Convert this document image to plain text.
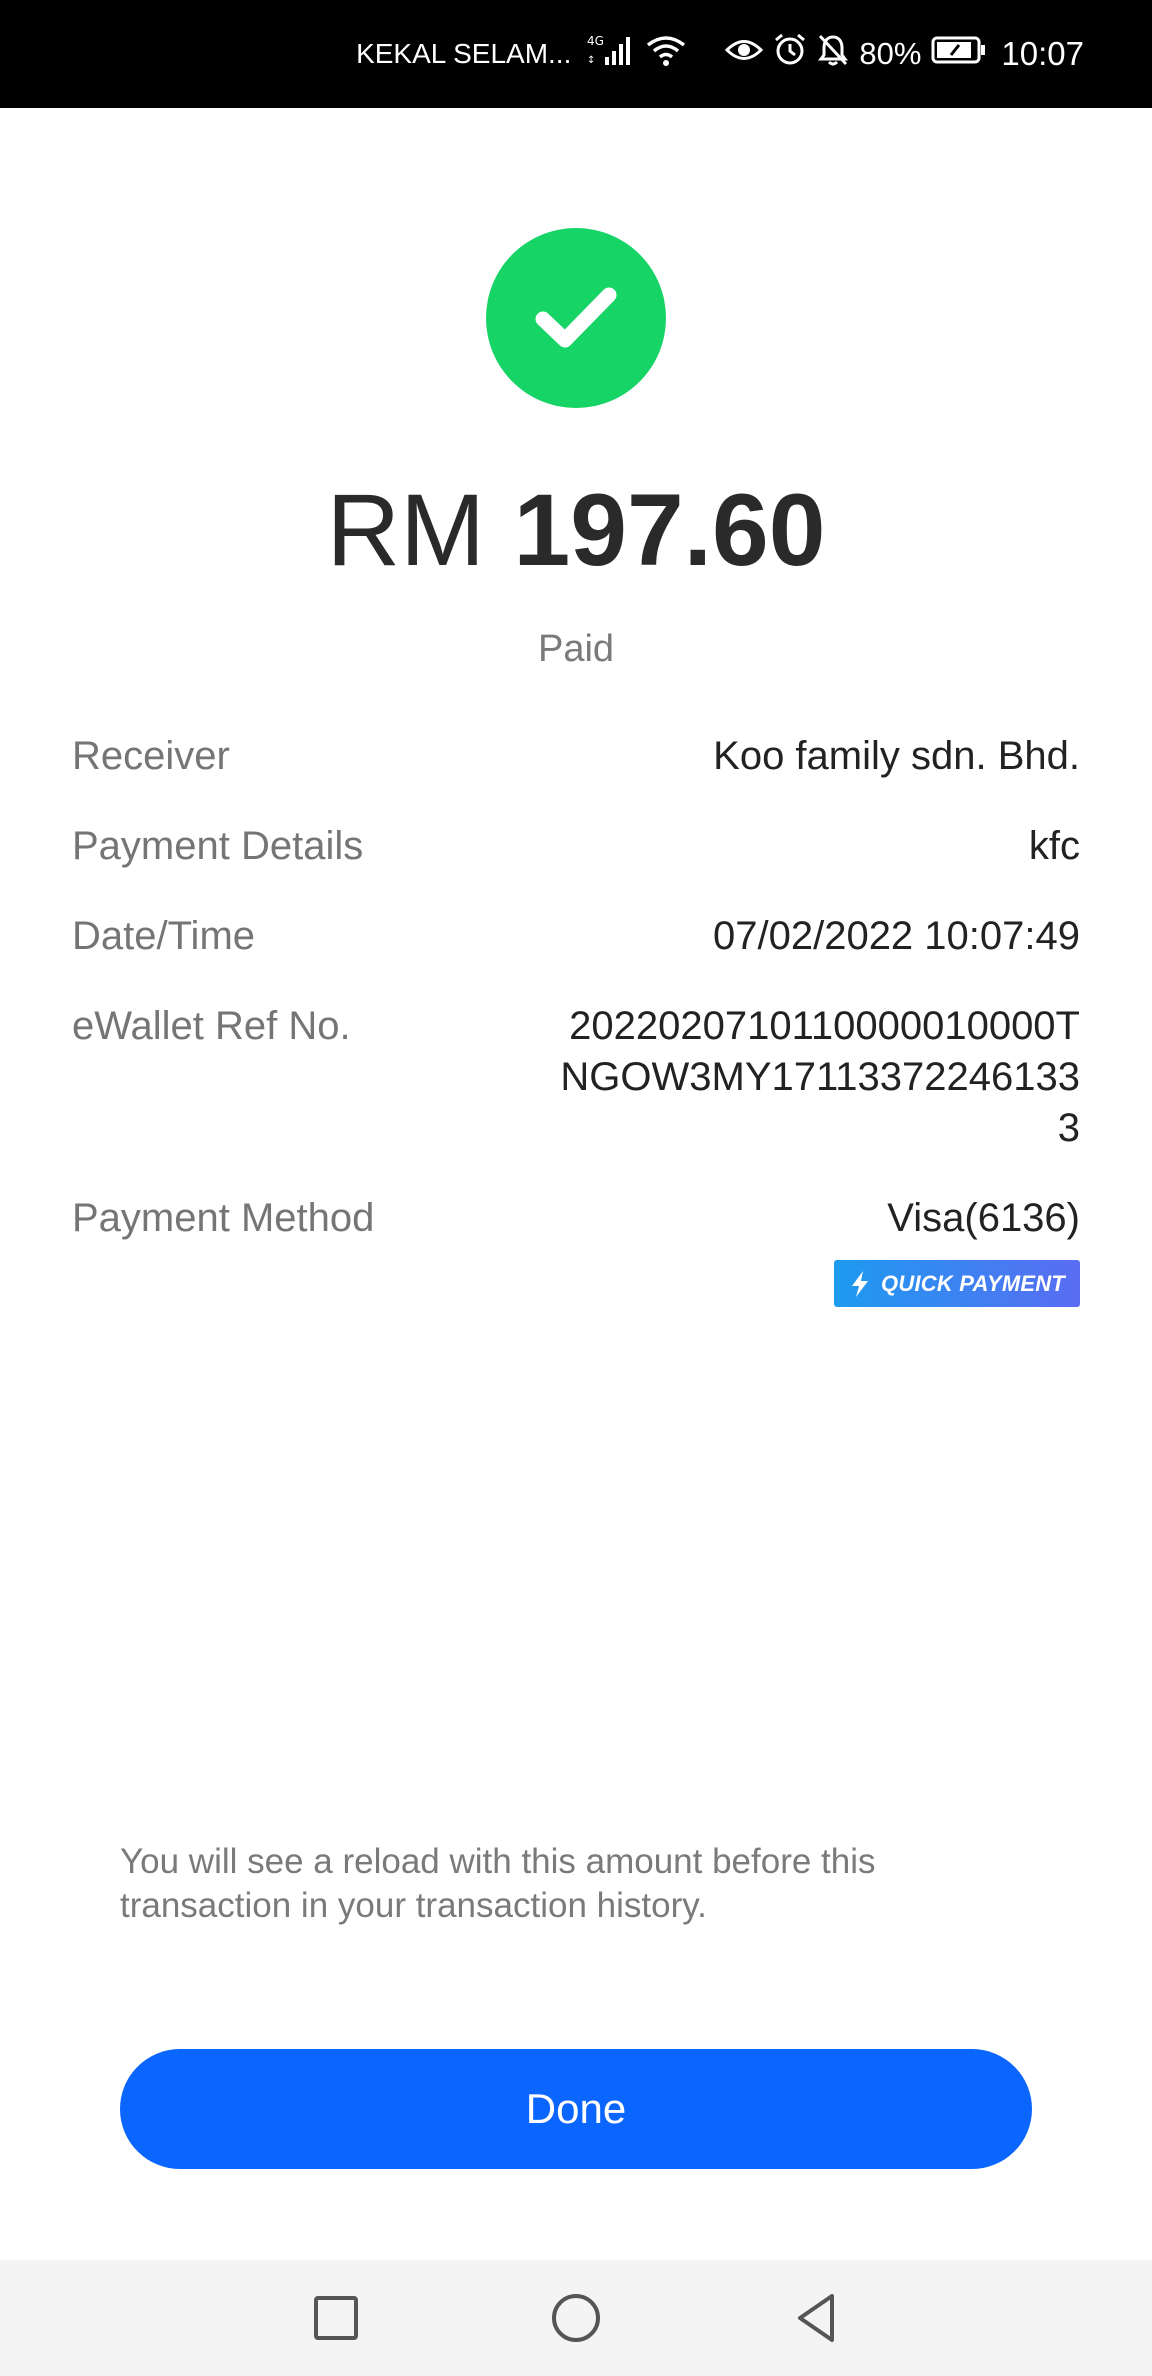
KEKAL SELAM... 4G
↕	80% 10:07
RM 197.60
Paid
Receiver	Koo family sdn. Bhd.
Payment Details	kfc
Date/Time	07/02/2022 10:07:49
eWallet Ref No.	2022020710110000010000TNGOW3MY171133722461333
Payment Method	Visa(6136)
QUICK PAYMENT
You will see a reload with this amount before this transaction in your transaction history.
Done
